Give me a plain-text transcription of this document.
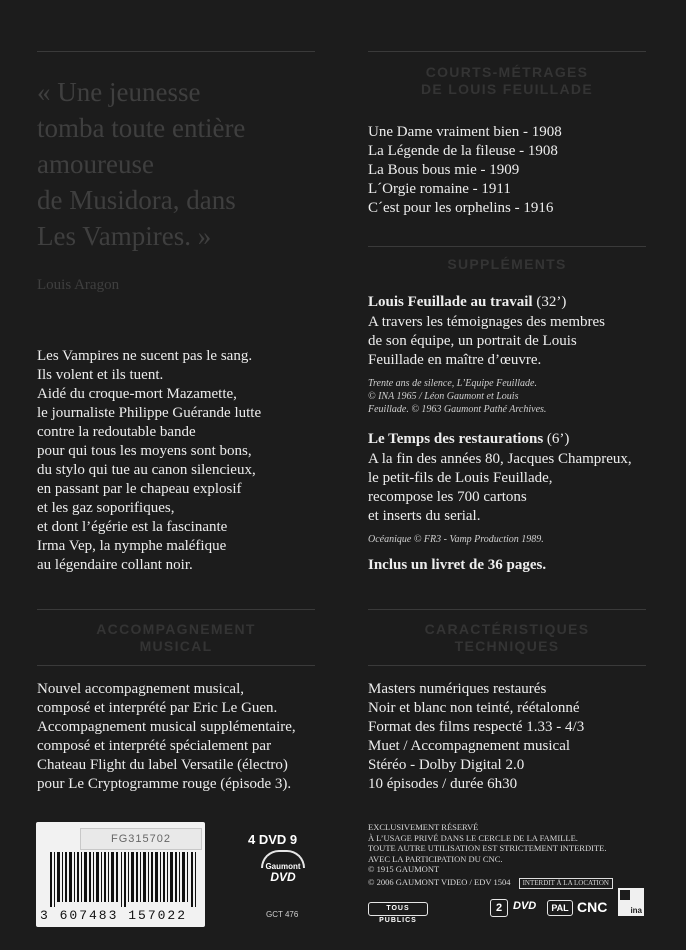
« Une jeunesse
tomba toute entière
amoureuse
de Musidora, dans
Les Vampires. »
Louis Aragon
Les Vampires ne sucent pas le sang.
Ils volent et ils tuent.
Aidé du croque-mort Mazamette,
le journaliste Philippe Guérande lutte
contre la redoutable bande
pour qui tous les moyens sont bons,
du stylo qui tue au canon silencieux,
en passant par le chapeau explosif
et les gaz soporifiques,
et dont l’égérie est la fascinante
Irma Vep, la nymphe maléfique
au légendaire collant noir.
COURTS-MÉTRAGES
DE LOUIS FEUILLADE
Une Dame vraiment bien - 1908
La Légende de la fileuse - 1908
La Bous bous mie - 1909
L´Orgie romaine - 1911
C´est pour les orphelins - 1916
SUPPLÉMENTS
Louis Feuillade au travail (32’)
A travers les témoignages des membres
de son équipe, un portrait de Louis
Feuillade en maître d’œuvre.
Trente ans de silence, L’Equipe Feuillade.
© INA 1965 / Léon Gaumont et Louis
Feuillade. © 1963 Gaumont Pathé Archives.
Le Temps des restaurations (6’)
A la fin des années 80, Jacques Champreux,
le petit-fils de Louis Feuillade,
recompose les 700 cartons
et inserts du serial.
Océanique © FR3 - Vamp Production 1989.
Inclus un livret de 36 pages.
ACCOMPAGNEMENT
MUSICAL
Nouvel accompagnement musical,
composé et interprété par Eric Le Guen.
Accompagnement musical supplémentaire,
composé et interprété spécialement par
Chateau Flight du label Versatile (électro)
pour Le Cryptogramme rouge (épisode 3).
CARACTÉRISTIQUES
TECHNIQUES
Masters numériques restaurés
Noir et blanc non teinté, réétalonné
Format des films respecté 1.33 - 4/3
Muet / Accompagnement musical
Stéréo - Dolby Digital 2.0
10 épisodes / durée 6h30
FG315702
3 607483 157022
4 DVD 9
Gaumont
DVD
GCT 476
EXCLUSIVEMENT RÉSERVÉ
À L’USAGE PRIVÉ DANS LE CERCLE DE LA FAMILLE.
TOUTE AUTRE UTILISATION EST STRICTEMENT INTERDITE.
AVEC LA PARTICIPATION DU CNC.
© 1915 GAUMONT
© 2006 GAUMONT VIDEO / EDV 1504 INTERDIT À LA LOCATION
TOUS PUBLICS
2 DVD	PAL CNC	ina
